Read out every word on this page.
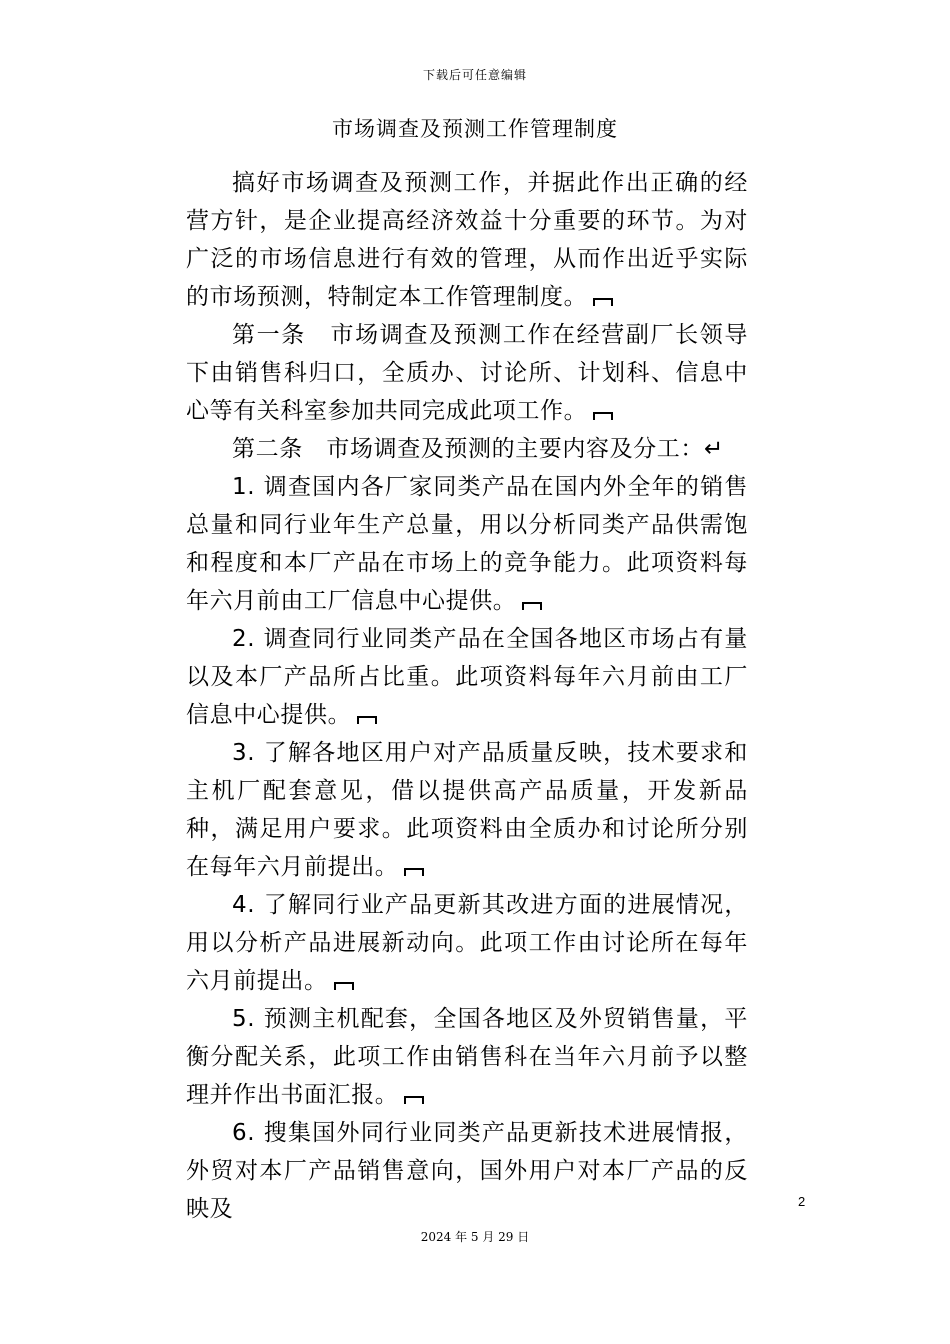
下载后可任意编辑
市场调查及预测工作管理制度

搞好市场调查及预测工作，并据此作出正确的经营方针，是企业提高经济效益十分重要的环节。为对广泛的市场信息进行有效的管理，从而作出近乎实际的市场预测，特制定本工作管理制度。

第一条　市场调查及预测工作在经营副厂长领导下由销售科归口，全质办、讨论所、计划科、信息中心等有关科室参加共同完成此项工作。

第二条　市场调查及预测的主要内容及分工：↵

1. 调查国内各厂家同类产品在国内外全年的销售总量和同行业年生产总量，用以分析同类产品供需饱和程度和本厂产品在市场上的竞争能力。此项资料每年六月前由工厂信息中心提供。

2. 调查同行业同类产品在全国各地区市场占有量以及本厂产品所占比重。此项资料每年六月前由工厂信息中心提供。

3. 了解各地区用户对产品质量反映，技术要求和主机厂配套意见，借以提供高产品质量，开发新品种，满足用户要求。此项资料由全质办和讨论所分别在每年六月前提出。

4. 了解同行业产品更新其改进方面的进展情况，用以分析产品进展新动向。此项工作由讨论所在每年六月前提出。

5. 预测主机配套，全国各地区及外贸销售量，平衡分配关系，此项工作由销售科在当年六月前予以整理并作出书面汇报。

6. 搜集国外同行业同类产品更新技术进展情报，外贸对本厂产品销售意向，国外用户对本厂产品的反映及	2
2024 年 5 月 29 日
